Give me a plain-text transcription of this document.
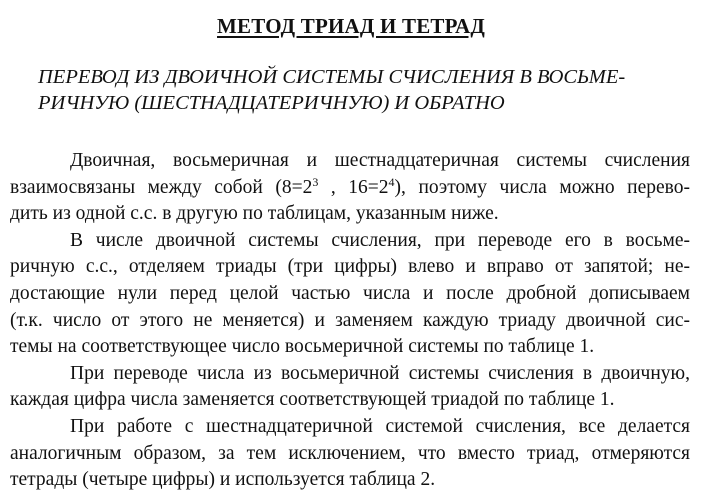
МЕТОД ТРИАД И ТЕТРАД
ПЕРЕВОД ИЗ ДВОИЧНОЙ СИСТЕМЫ СЧИСЛЕНИЯ В ВОСЬМЕ-
РИЧНУЮ (ШЕСТНАДЦАТЕРИЧНУЮ) И ОБРАТНО
Двоичная, восьмеричная и шестнадцатеричная системы счисления
взаимосвязаны между собой ($8=2^3$ , $16=2^4$), поэтому числа можно перево-
дить из одной с.с. в другую по таблицам, указанным ниже.
В числе двоичной системы счисления, при переводе его в восьме-
ричную с.с., отделяем триады (три цифры) влево и вправо от запятой; не-
достающие нули перед целой частью числа и после дробной дописываем
(т.к. число от этого не меняется) и заменяем каждую триаду двоичной сис-
темы на соответствующее число восьмеричной системы по таблице 1.
При переводе числа из восьмеричной системы счисления в двоичную,
каждая цифра числа заменяется соответствующей триадой по таблице 1.
При работе с шестнадцатеричной системой счисления, все делается
аналогичным образом, за тем исключением, что вместо триад, отмеряются
тетрады (четыре цифры) и используется таблица 2.
